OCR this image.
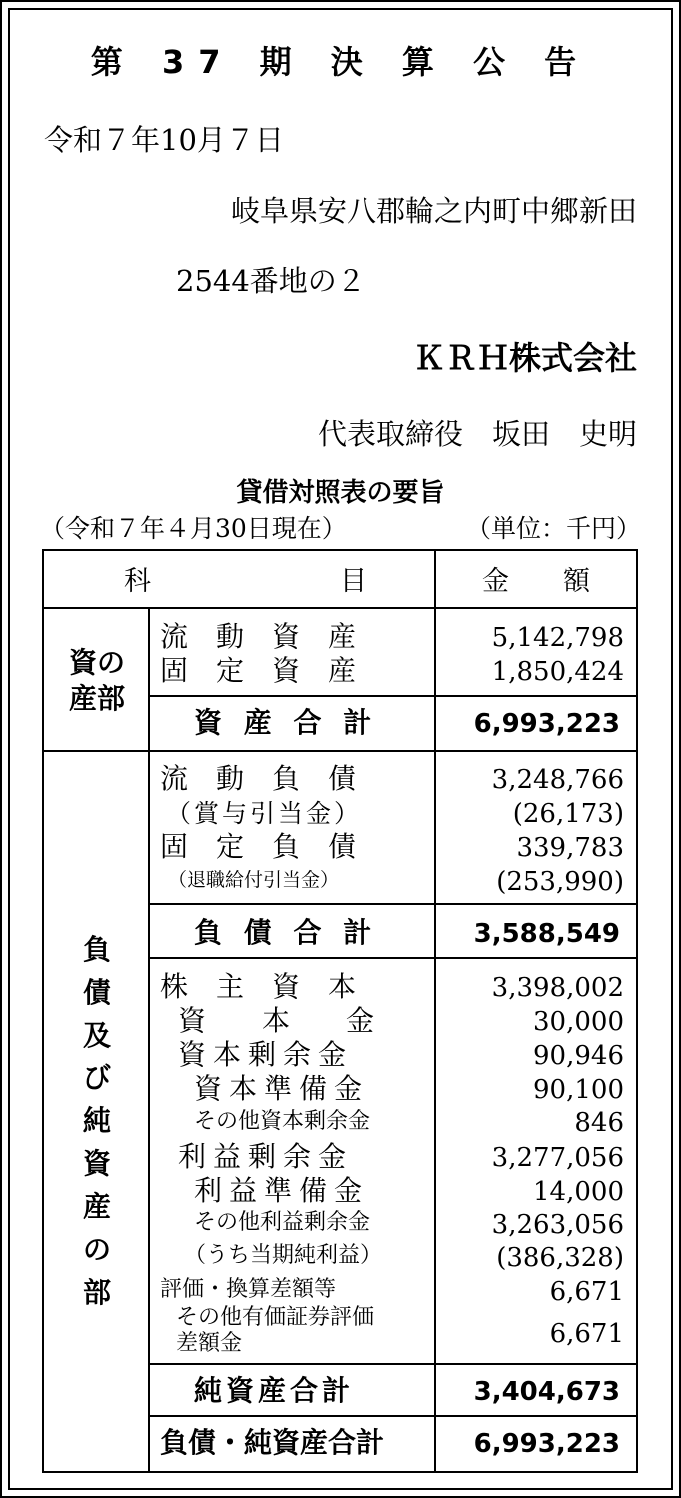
第 37 期 決 算 公 告
令和７年10月７日
岐阜県安八郡輪之内町中郷新田
2544番地の２
ＫＲＨ株式会社
代表取締役　坂田　史明
貸借対照表の要旨
（令和７年４月30日現在）	（単位：千円）
科　　　　　　　目	金　　額
資の
産部
流　動　資　産	5,142,798
固　定　資　産	1,850,424
資 産 合 計	6,993,223
負
債
及
び
純
資
産
の
部
流　動　負　債	3,248,766
（賞与引当金）	(26,173)
固　定　負　債	339,783
（退職給付引当金）	(253,990)
負 債 合 計	3,588,549
株　主　資　本	3,398,002
資　　本　　金	30,000
資本剰余金	90,946
資本準備金	90,100
その他資本剰余金	846
利益剰余金	3,277,056
利益準備金	14,000
その他利益剰余金	3,263,056
（うち当期純利益）	(386,328)
評価・換算差額等	6,671
その他有価証券評価
差額金	6,671
純資産合計	3,404,673
負債・純資産合計	6,993,223
